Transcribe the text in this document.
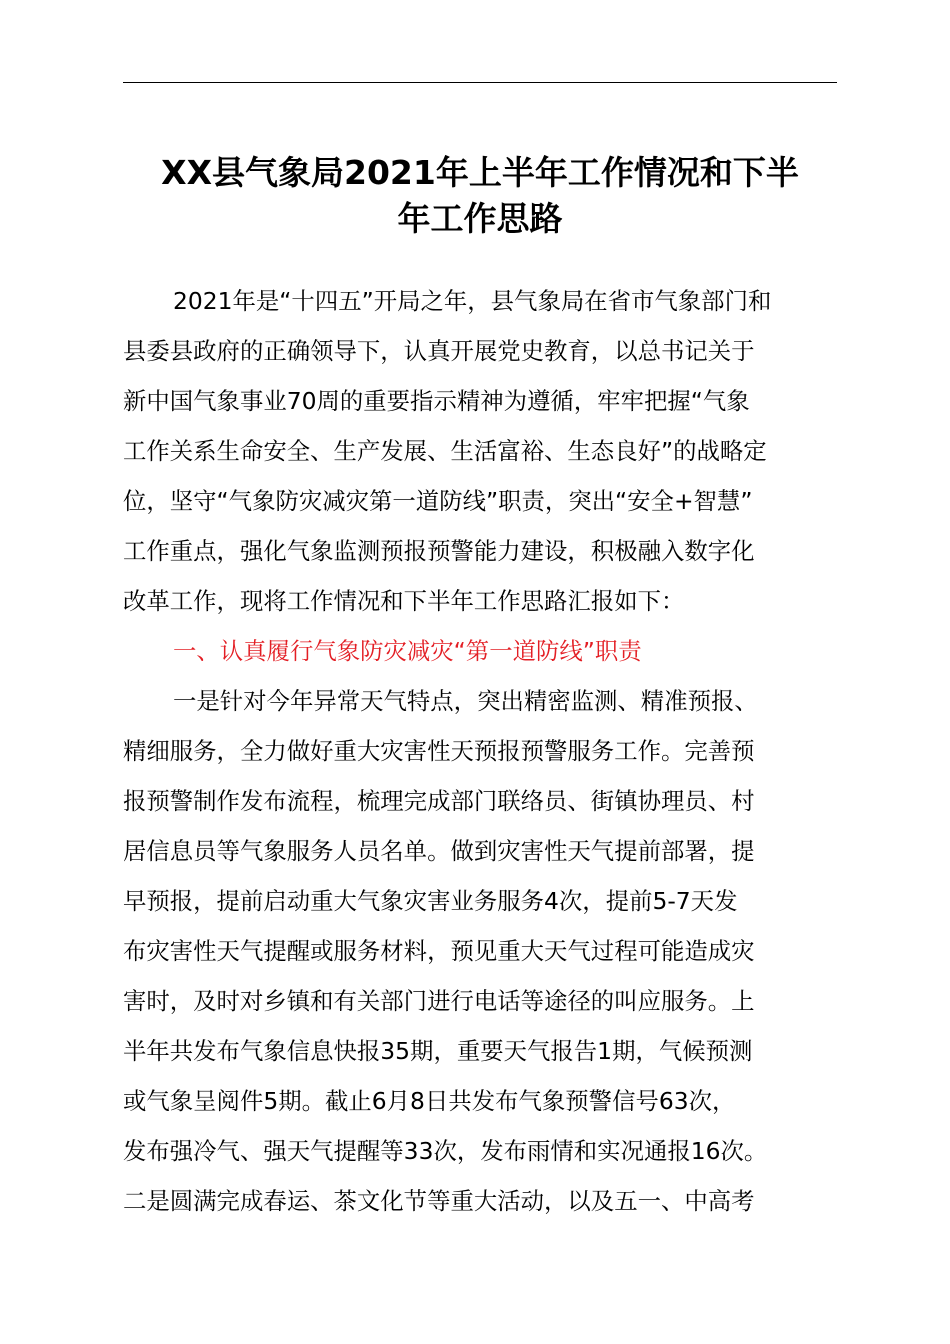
XX县气象局2021年上半年工作情况和下半
年工作思路
2021年是“十四五”开局之年，县气象局在省市气象部门和
县委县政府的正确领导下，认真开展党史教育，以总书记关于
新中国气象事业70周的重要指示精神为遵循，牢牢把握“气象
工作关系生命安全、生产发展、生活富裕、生态良好”的战略定
位，坚守“气象防灾减灾第一道防线”职责，突出“安全+智慧”
工作重点，强化气象监测预报预警能力建设，积极融入数字化
改革工作，现将工作情况和下半年工作思路汇报如下：
一、认真履行气象防灾减灾“第一道防线”职责
一是针对今年异常天气特点，突出精密监测、精准预报、
精细服务，全力做好重大灾害性天预报预警服务工作。完善预
报预警制作发布流程，梳理完成部门联络员、街镇协理员、村
居信息员等气象服务人员名单。做到灾害性天气提前部署，提
早预报，提前启动重大气象灾害业务服务4次，提前5-7天发
布灾害性天气提醒或服务材料，预见重大天气过程可能造成灾
害时，及时对乡镇和有关部门进行电话等途径的叫应服务。上
半年共发布气象信息快报35期，重要天气报告1期，气候预测
或气象呈阅件5期。截止6月8日共发布气象预警信号63次，
发布强冷气、强天气提醒等33次，发布雨情和实况通报16次。
二是圆满完成春运、茶文化节等重大活动，以及五一、中高考
